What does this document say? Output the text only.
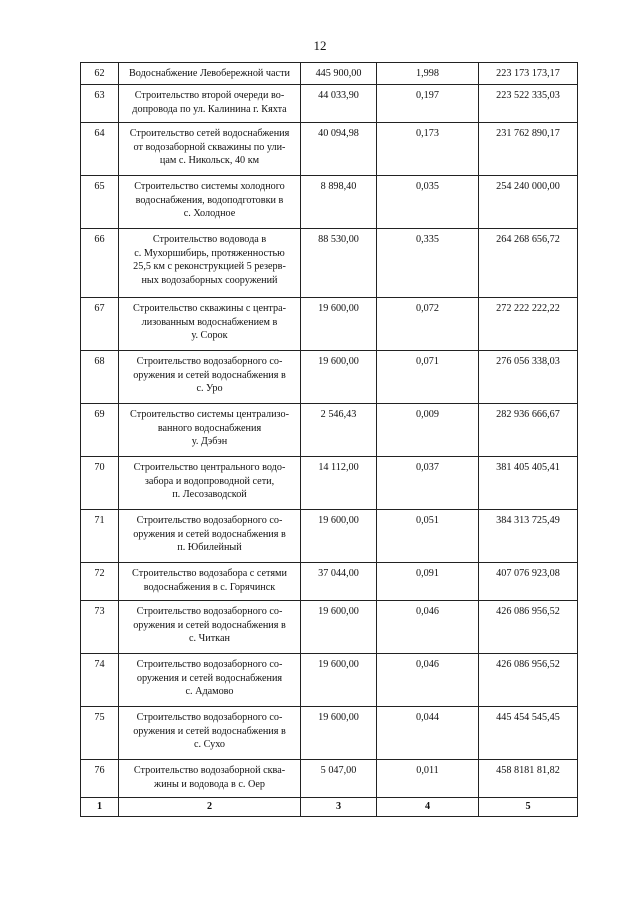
12
62	Водоснабжение Левобережной части	445 900,00	1,998	223 173 173,17
63	Строительство второй очереди во-
допровода по ул. Калинина г. Кяхта	44 033,90	0,197	223 522 335,03
64	Строительство сетей водоснабжения
от водозаборной скважины по ули-
цам с. Никольск, 40 км	40 094,98	0,173	231 762 890,17
65	Строительство системы холодного
водоснабжения, водоподготовки в
с. Холодное	8 898,40	0,035	254 240 000,00
66	Строительство водовода в
с. Мухоршибирь, протяженностью
25,5 км с реконструкцией 5 резерв-
ных водозаборных сооружений	88 530,00	0,335	264 268 656,72
67	Строительство скважины с центра-
лизованным водоснабжением в
у. Сорок	19 600,00	0,072	272 222 222,22
68	Строительство водозаборного со-
оружения и сетей водоснабжения в
с. Уро	19 600,00	0,071	276 056 338,03
69	Строительство системы централизо-
ванного водоснабжения
у. Дэбэн	2 546,43	0,009	282 936 666,67
70	Строительство центрального водо-
забора и водопроводной сети,
п. Лесозаводской	14 112,00	0,037	381 405 405,41
71	Строительство водозаборного со-
оружения и сетей водоснабжения в
п. Юбилейный	19 600,00	0,051	384 313 725,49
72	Строительство водозабора с сетями
водоснабжения в с. Горячинск	37 044,00	0,091	407 076 923,08
73	Строительство водозаборного со-
оружения и сетей водоснабжения в
с. Читкан	19 600,00	0,046	426 086 956,52
74	Строительство водозаборного со-
оружения и сетей водоснабжения
с. Адамово	19 600,00	0,046	426 086 956,52
75	Строительство водозаборного со-
оружения и сетей водоснабжения в
с. Сухо	19 600,00	0,044	445 454 545,45
76	Строительство водозаборной сква-
жины и водовода в с. Оер	5 047,00	0,011	458 8181 81,82
1	2	3	4	5
